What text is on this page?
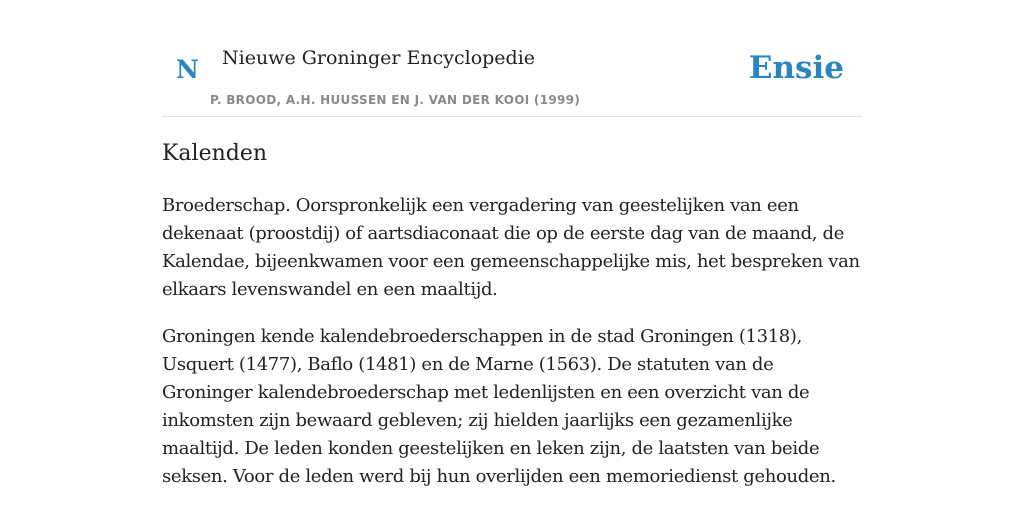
N Nieuwe Groninger Encyclopedie
P. BROOD, A.H. HUUSSEN EN J. VAN DER KOOI (1999)
Ensie
Kalenden

Broederschap. Oorspronkelijk een vergadering van geestelijken van een dekenaat (proostdij) of aartsdiaconaat die op de eerste dag van de maand, de Kalendae, bijeenkwamen voor een gemeenschappelijke mis, het bespreken van elkaars levenswandel en een maaltijd.

Groningen kende kalendebroederschappen in de stad Groningen (1318), Usquert (1477), Baflo (1481) en de Marne (1563). De statuten van de Groninger kalendebroederschap met ledenlijsten en een overzicht van de inkomsten zijn bewaard gebleven; zij hielden jaarlijks een gezamenlijke maaltijd. De leden konden geestelijken en leken zijn, de laatsten van beide seksen. Voor de leden werd bij hun overlijden een memoriedienst gehouden.
